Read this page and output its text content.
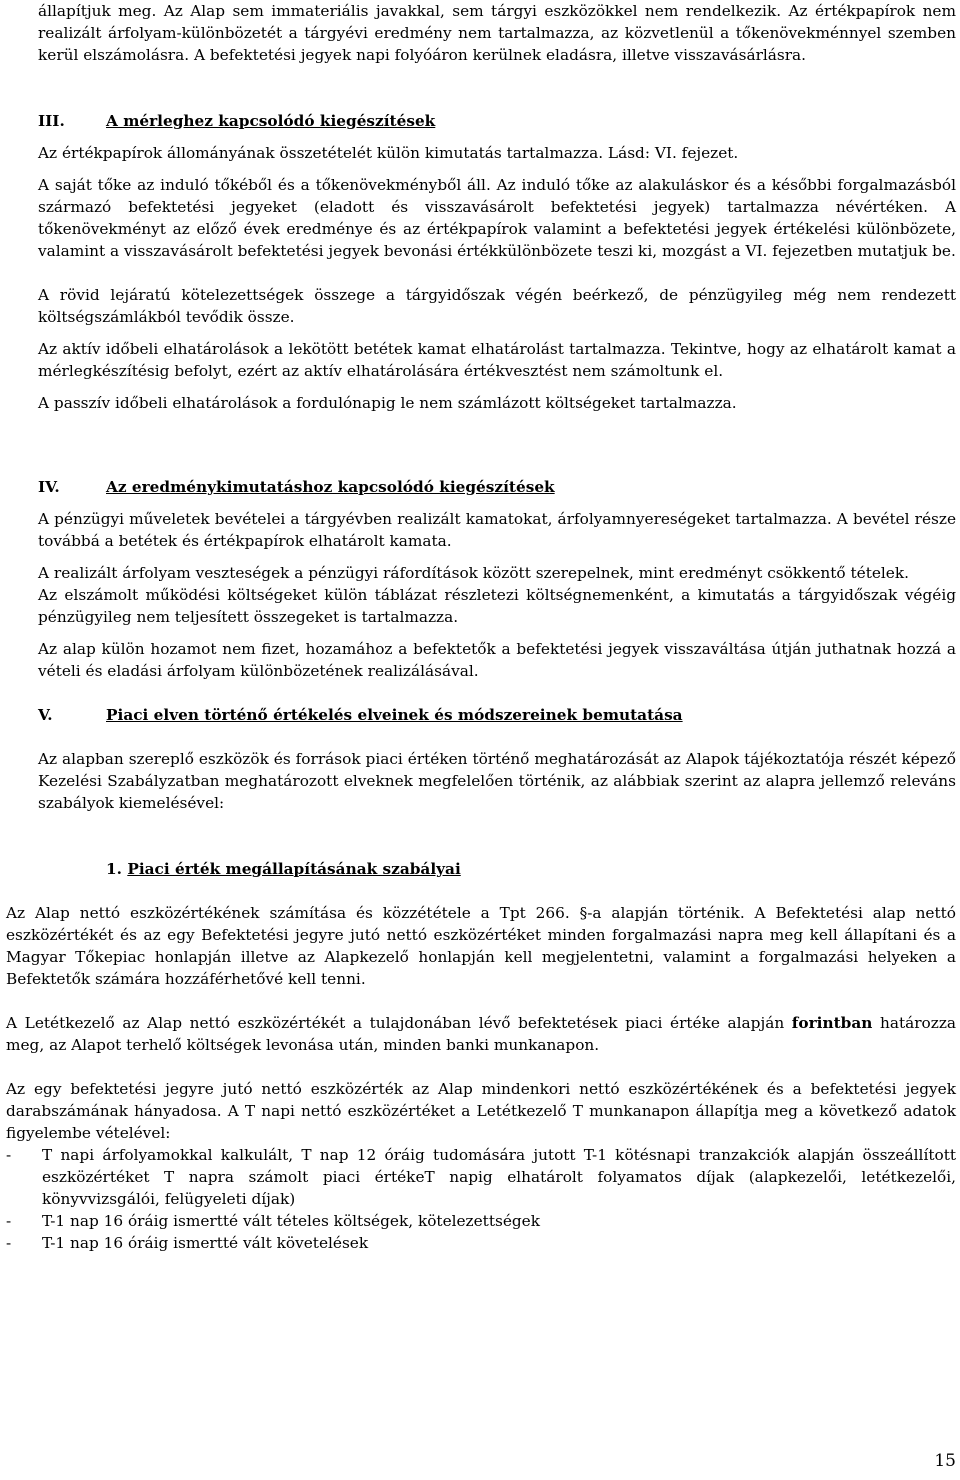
állapítjuk meg. Az Alap sem immateriális javakkal, sem tárgyi eszközökkel nem rendelkezik. Az értékpapírok nem realizált árfolyam-különbözetét a tárgyévi eredmény nem tartalmazza, az közvetlenül a tőkenövekménnyel szemben kerül elszámolásra. A befektetési jegyek napi folyóáron kerülnek eladásra, illetve visszavásárlásra.

III.	A mérleghez kapcsolódó kiegészítések

Az értékpapírok állományának összetételét külön kimutatás tartalmazza. Lásd: VI. fejezet.

A saját tőke az induló tőkéből és a tőkenövekményből áll. Az induló tőke az alakuláskor és a későbbi forgalmazásból származó befektetési jegyeket (eladott és visszavásárolt befektetési jegyek) tartalmazza névértéken. A tőkenövekményt az előző évek eredménye és az értékpapírok valamint a befektetési jegyek értékelési különbözete, valamint a visszavásárolt befektetési jegyek bevonási értékkülönbözete teszi ki, mozgást a VI. fejezetben mutatjuk be.

A rövid lejáratú kötelezettségek összege a tárgyidőszak végén beérkező, de pénzügyileg még nem rendezett költségszámlákból tevődik össze.

Az aktív időbeli elhatárolások a lekötött betétek kamat elhatárolást tartalmazza. Tekintve, hogy az elhatárolt kamat a mérlegkészítésig befolyt, ezért az aktív elhatárolására értékvesztést nem számoltunk el.

A passzív időbeli elhatárolások a fordulónapig le nem számlázott költségeket tartalmazza.

IV.	Az eredménykimutatáshoz kapcsolódó kiegészítések

A pénzügyi műveletek bevételei a tárgyévben realizált kamatokat, árfolyamnyereségeket tartalmazza. A bevétel része továbbá a betétek és értékpapírok elhatárolt kamata.

A realizált árfolyam veszteségek a pénzügyi ráfordítások között szerepelnek, mint eredményt csökkentő tételek.

Az elszámolt működési költségeket külön táblázat részletezi költségnemenként, a kimutatás a tárgyidőszak végéig pénzügyileg nem teljesített összegeket is tartalmazza.

Az alap külön hozamot nem fizet, hozamához a befektetők a befektetési jegyek visszaváltása útján juthatnak hozzá a vételi és eladási árfolyam különbözetének realizálásával.

V.	Piaci elven történő értékelés elveinek és módszereinek bemutatása

Az alapban szereplő eszközök és források piaci értéken történő meghatározását az Alapok tájékoztatója részét képező Kezelési Szabályzatban meghatározott elveknek megfelelően történik, az alábbiak szerint az alapra jellemző releváns szabályok kiemelésével:

1. Piaci érték megállapításának szabályai

Az Alap nettó eszközértékének számítása és közzététele a Tpt 266. §-a alapján történik. A Befektetési alap nettó eszközértékét és az egy Befektetési jegyre jutó nettó eszközértéket minden forgalmazási napra meg kell állapítani és a Magyar Tőkepiac honlapján illetve az Alapkezelő honlapján kell megjelentetni, valamint a forgalmazási helyeken a Befektetők számára hozzáférhetővé kell tenni.

A Letétkezelő az Alap nettó eszközértékét a tulajdonában lévő befektetések piaci értéke alapján forintban határozza meg, az Alapot terhelő költségek levonása után, minden banki munkanapon.

Az egy befektetési jegyre jutó nettó eszközérték az Alap mindenkori nettó eszközértékének és a befektetési jegyek darabszámának hányadosa. A T napi nettó eszközértéket a Letétkezelő T munkanapon állapítja meg a következő adatok figyelembe vételével:

-	T napi árfolyamokkal kalkulált, T nap 12 óráig tudomására jutott T-1 kötésnapi tranzakciók alapján összeállított eszközértéket T napra számolt piaci értékeT napig elhatárolt folyamatos díjak (alapkezelői, letétkezelői, könyvvizsgálói, felügyeleti díjak)
-	T-1 nap 16 óráig ismertté vált tételes költségek, kötelezettségek
-	T-1 nap 16 óráig ismertté vált követelések
15
